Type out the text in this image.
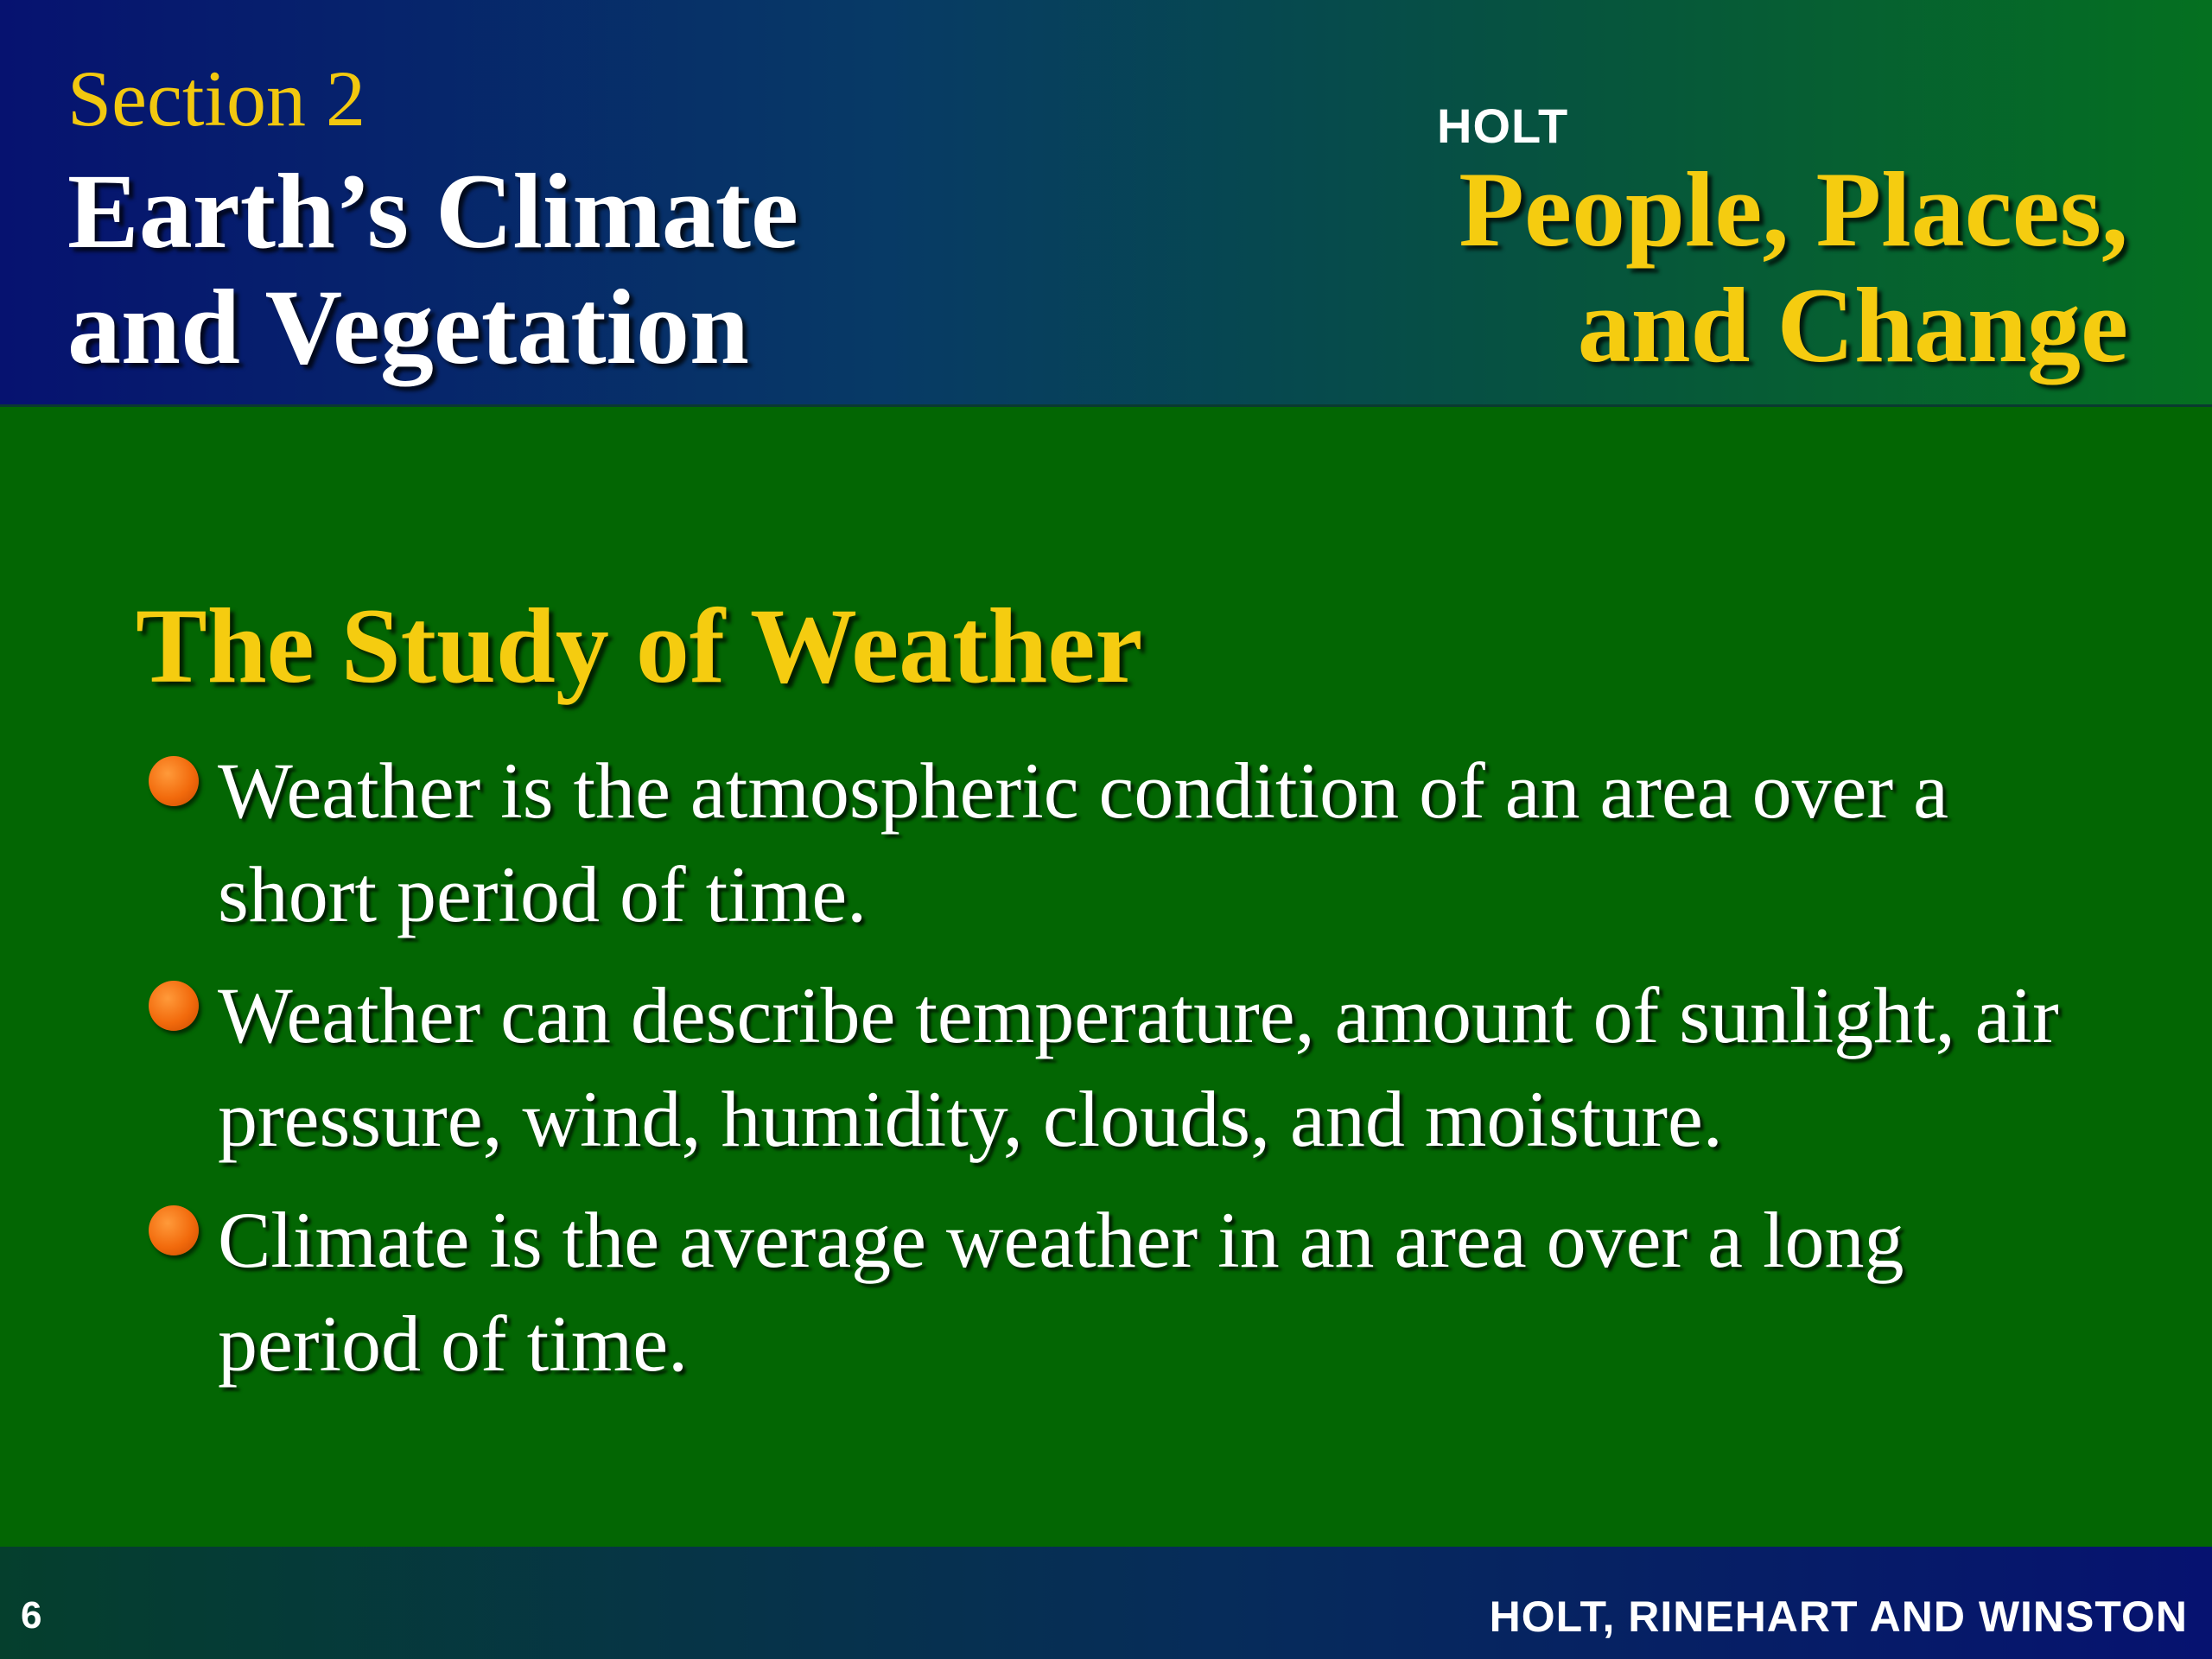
Section 2
Earth’s Climate
and Vegetation
HOLT
People, Places,
and Change
The Study of Weather
Weather is the atmospheric condition of an area over a short period of time.
Weather can describe temperature, amount of sunlight, air pressure, wind, humidity, clouds, and moisture.
Climate is the average weather in an area over a long period of time.
6	HOLT, RINEHART AND WINSTON
